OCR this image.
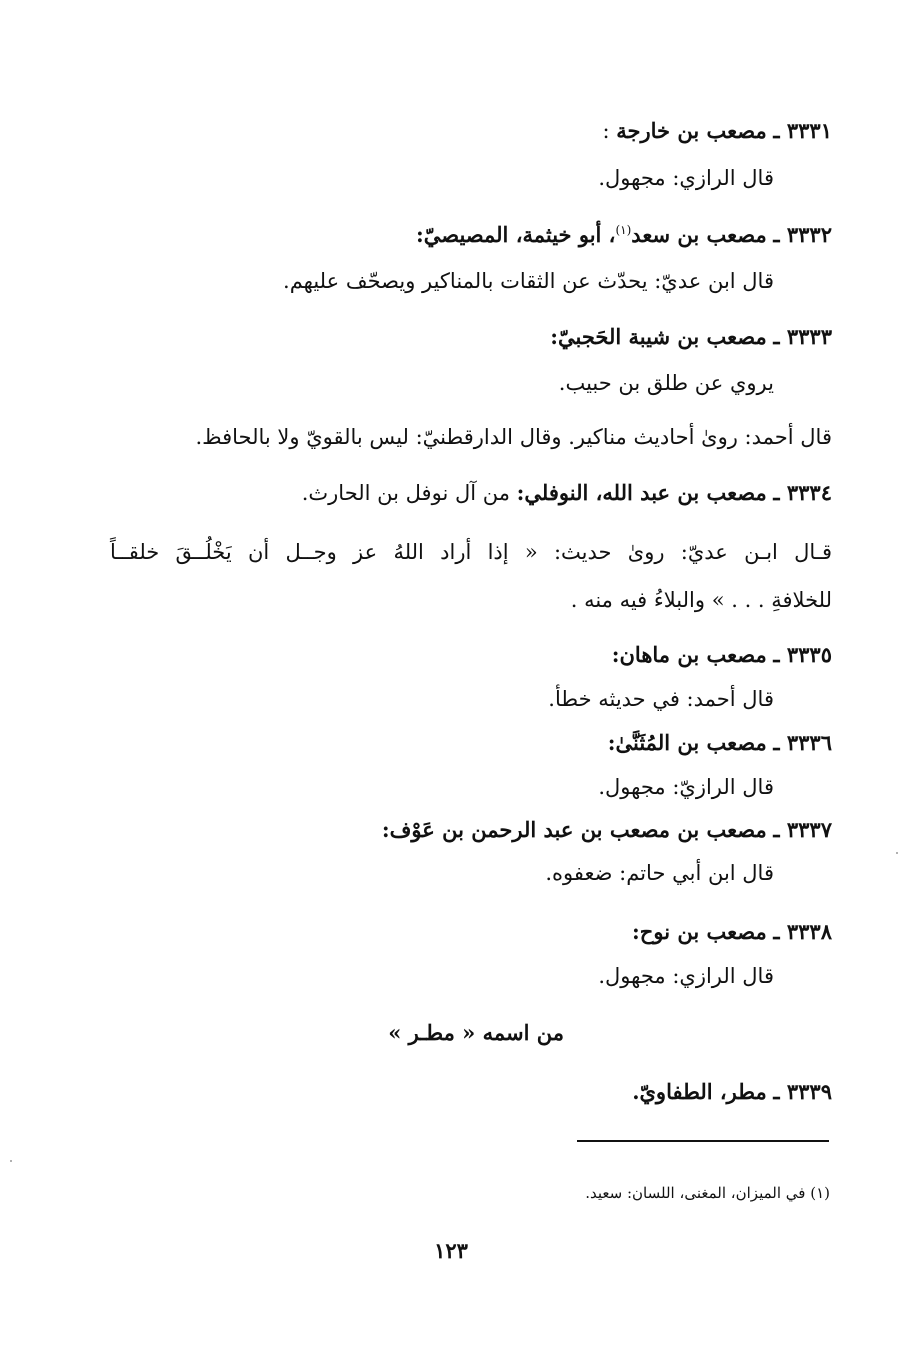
٣٣٣١ ـ مصعب بن خارجة :
قال الرازي: مجهول.
٣٣٣٢ ـ مصعب بن سعد$^{(١)}$، أبو خيثمة، المصيصيّ:
قال ابن عديّ: يحدّث عن الثقات بالمناكير ويصحّف عليهم.
٣٣٣٣ ـ مصعب بن شيبة الحَجبيّ:
يروي عن طلق بن حبيب.
قال أحمد: روىٰ أحاديث مناكير. وقال الدارقطنيّ: ليس بالقويّ ولا بالحافظ.
٣٣٣٤ ـ مصعب بن عبد الله، النوفلي: من آل نوفل بن الحارث.
قـال ابـن عديّ: روىٰ حديث: « إذا أراد اللهُ عز وجــل أن يَخْلُــقَ خلقــاً
للخلافةِ . . . » والبلاءُ فيه منه .
٣٣٣٥ ـ مصعب بن ماهان:
قال أحمد: في حديثه خطأ.
٣٣٣٦ ـ مصعب بن المُثَنَّىٰ:
قال الرازيّ: مجهول.
٣٣٣٧ ـ مصعب بن مصعب بن عبد الرحمن بن عَوْف:
قال ابن أبي حاتم: ضعفوه.
٣٣٣٨ ـ مصعب بن نوح:
قال الرازي: مجهول.
من اسمه « مطـر »
٣٣٣٩ ـ مطر، الطفاويّ.
(١) في الميزان، المغنى، اللسان: سعيد.
١٢٣
